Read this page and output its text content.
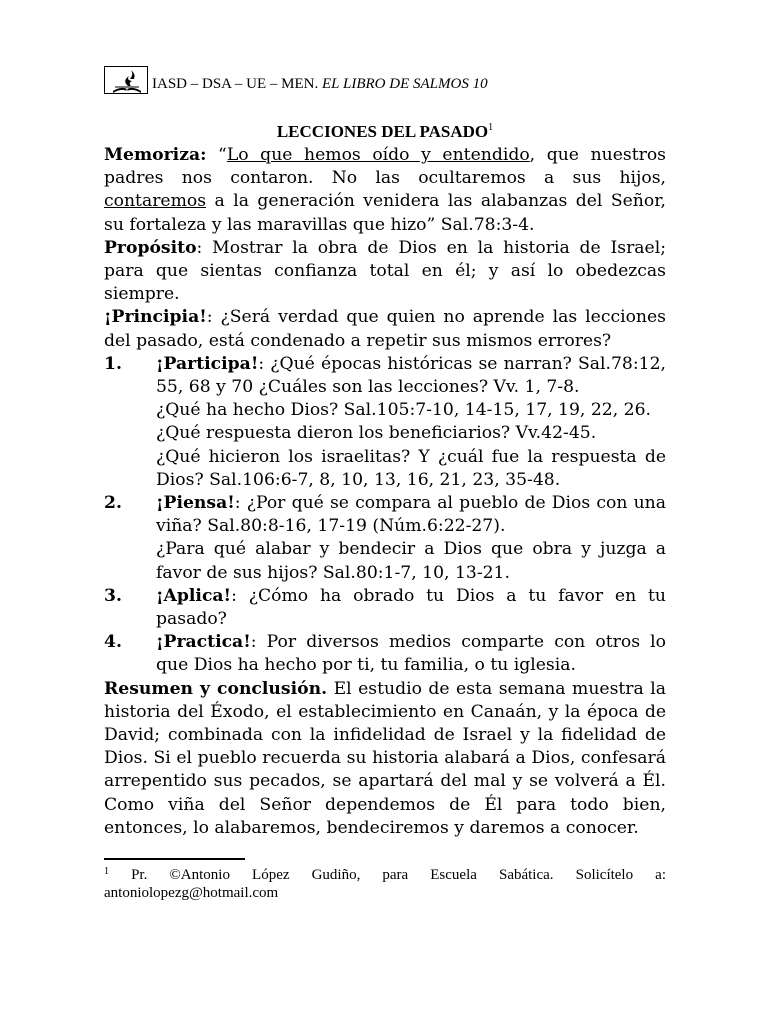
IASD – DSA – UE – MEN. EL LIBRO DE SALMOS 10
LECCIONES DEL PASADO$^1$

Memoriza: “Lo que hemos oído y entendido, que nuestros padres nos contaron. No las ocultaremos a sus hijos, contaremos a la generación venidera las alabanzas del Señor, su fortaleza y las maravillas que hizo” Sal.78:3-4.

Propósito: Mostrar la obra de Dios en la historia de Israel; para que sientas confianza total en él; y así lo obedezcas siempre.

¡Principia!: ¿Será verdad que quien no aprende las lecciones del pasado, está condenado a repetir sus mismos errores?

1.	¡Participa!: ¿Qué épocas históricas se narran? Sal.78:12, 55, 68 y 70 ¿Cuáles son las lecciones? Vv. 1, 7-8.

¿Qué ha hecho Dios? Sal.105:7-10, 14-15, 17, 19, 22, 26.

¿Qué respuesta dieron los beneficiarios? Vv.42-45.

¿Qué hicieron los israelitas? Y ¿cuál fue la respuesta de Dios? Sal.106:6-7, 8, 10, 13, 16, 21, 23, 35-48.

2.	¡Piensa!: ¿Por qué se compara al pueblo de Dios con una viña? Sal.80:8-16, 17-19 (Núm.6:22-27).

¿Para qué alabar y bendecir a Dios que obra y juzga a favor de sus hijos? Sal.80:1-7, 10, 13-21.

3.	¡Aplica!: ¿Cómo ha obrado tu Dios a tu favor en tu pasado?

4.	¡Practica!: Por diversos medios comparte con otros lo que Dios ha hecho por ti, tu familia, o tu iglesia.

Resumen y conclusión. El estudio de esta semana muestra la historia del Éxodo, el establecimiento en Canaán, y la época de David; combinada con la infidelidad de Israel y la fidelidad de Dios. Si el pueblo recuerda su historia alabará a Dios, confesará arrepentido sus pecados, se apartará del mal y se volverá a Él. Como viña del Señor dependemos de Él para todo bien, entonces, lo alabaremos, bendeciremos y daremos a conocer.

$^1$ Pr. ©Antonio López Gudiño, para Escuela Sabática. Solicítelo a: antoniolopezg@hotmail.com
